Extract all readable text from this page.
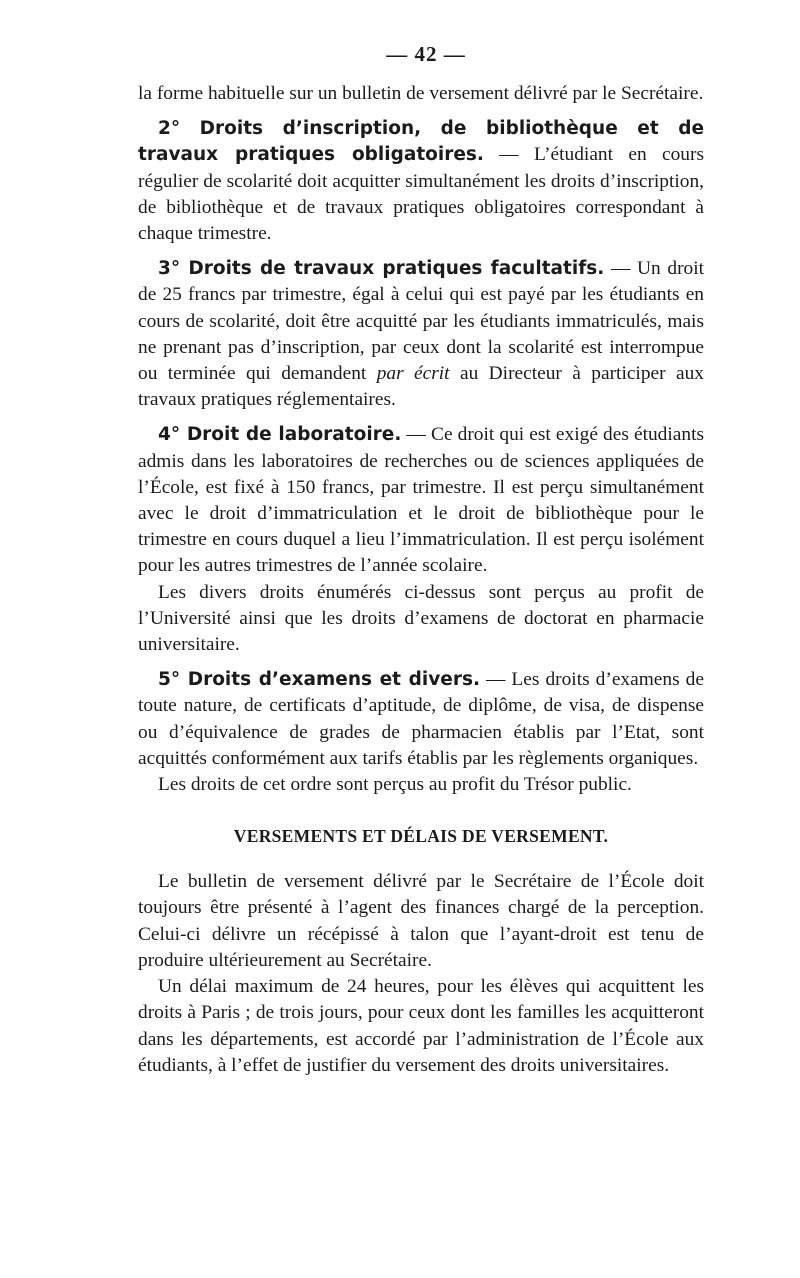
— 42 —

la forme habituelle sur un bulletin de versement délivré par le Secrétaire.

2° Droits d’inscription, de bibliothèque et de travaux pratiques obligatoires. — L’étudiant en cours régulier de scolarité doit acquitter simultanément les droits d’inscription, de bibliothèque et de travaux pratiques obligatoires correspondant à chaque trimestre.

3° Droits de travaux pratiques facultatifs. — Un droit de 25 francs par trimestre, égal à celui qui est payé par les étudiants en cours de scolarité, doit être acquitté par les étudiants immatriculés, mais ne prenant pas d’inscription, par ceux dont la scolarité est interrompue ou terminée qui demandent par écrit au Directeur à participer aux travaux pratiques réglementaires.

4° Droit de laboratoire. — Ce droit qui est exigé des étudiants admis dans les laboratoires de recherches ou de sciences appliquées de l’École, est fixé à 150 francs, par trimestre. Il est perçu simultanément avec le droit d’immatriculation et le droit de bibliothèque pour le trimestre en cours duquel a lieu l’immatriculation. Il est perçu isolément pour les autres trimestres de l’année scolaire.

Les divers droits énumérés ci-dessus sont perçus au profit de l’Université ainsi que les droits d’examens de doctorat en pharmacie universitaire.

5° Droits d’examens et divers. — Les droits d’examens de toute nature, de certificats d’aptitude, de diplôme, de visa, de dispense ou d’équivalence de grades de pharmacien établis par l’Etat, sont acquittés conformément aux tarifs établis par les règlements organiques.

Les droits de cet ordre sont perçus au profit du Trésor public.

VERSEMENTS ET DÉLAIS DE VERSEMENT.

Le bulletin de versement délivré par le Secrétaire de l’École doit toujours être présenté à l’agent des finances chargé de la perception. Celui-ci délivre un récépissé à talon que l’ayant-droit est tenu de produire ultérieurement au Secrétaire.

Un délai maximum de 24 heures, pour les élèves qui acquittent les droits à Paris ; de trois jours, pour ceux dont les familles les acquitteront dans les départements, est accordé par l’administration de l’École aux étudiants, à l’effet de justifier du versement des droits universitaires.
